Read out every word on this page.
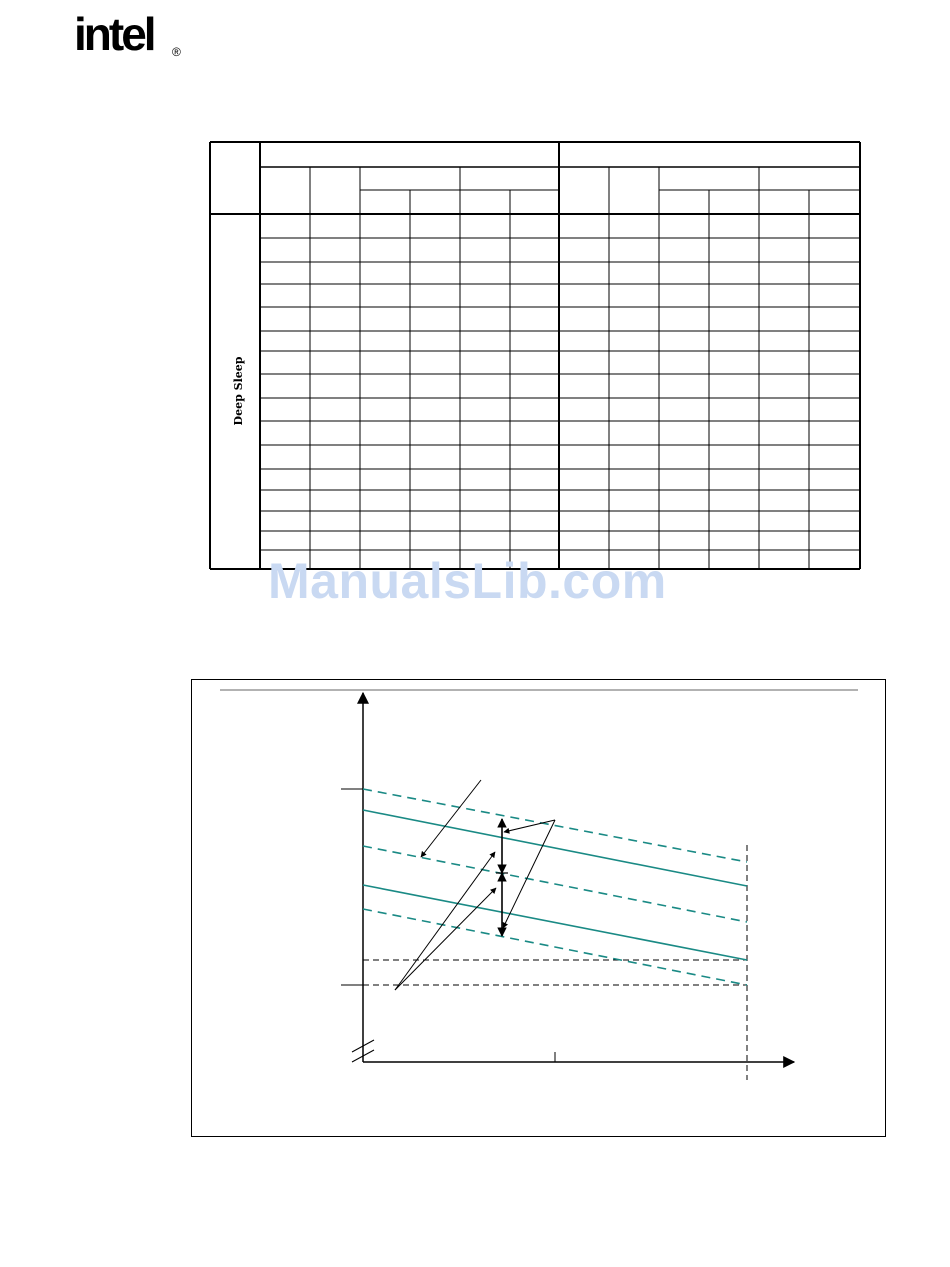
intel ®
Deep Sleep
ManualsLib.com
